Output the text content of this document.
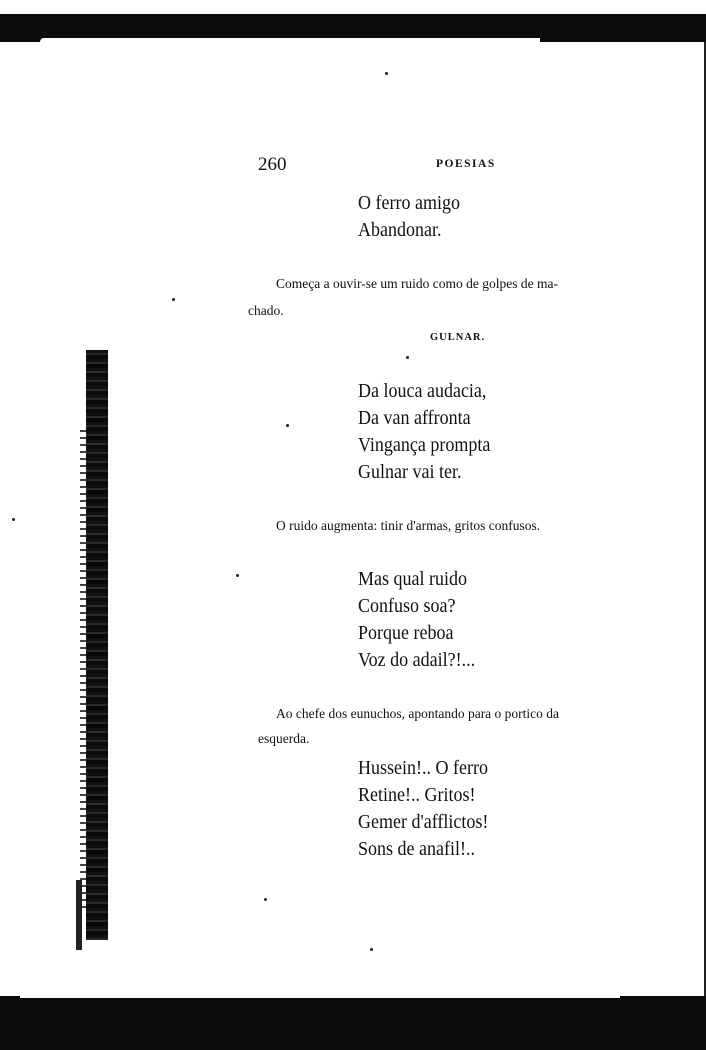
260	POESIAS
O ferro amigo
Abandonar.
Começa a ouvir-se um ruido como de golpes de ma-
chado.
GULNAR.
Da louca audacia,
Da van affronta
Vingança prompta
Gulnar vai ter.
O ruido augmenta: tinir d'armas, gritos confusos.
Mas qual ruido
Confuso soa?
Porque reboa
Voz do adail?!...
Ao chefe dos eunuchos, apontando para o portico da
esquerda.
Hussein!.. O ferro
Retine!.. Gritos!
Gemer d'afflictos!
Sons de anafil!..
